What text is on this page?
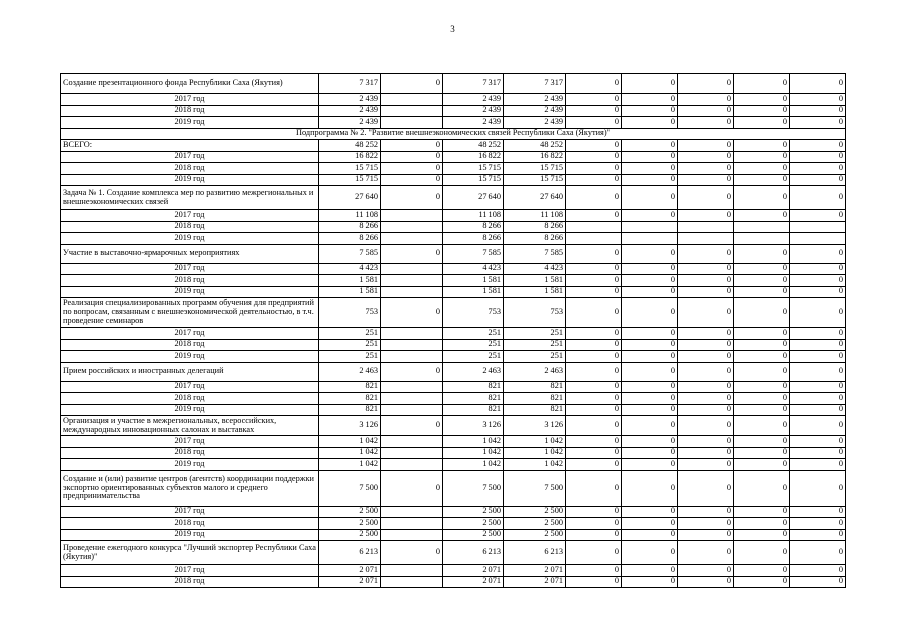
3
Создание презентационного фонда Республики Саха (Якутия)	7 317	0	7 317	7 317	0	0	0	0	0
2017 год	2 439		2 439	2 439	0	0	0	0	0
2018 год	2 439		2 439	2 439	0	0	0	0	0
2019 год	2 439		2 439	2 439	0	0	0	0	0
Подпрограмма № 2. "Развитие внешнеэкономических связей Республики Саха (Якутия)"									
ВСЕГО:	48 252	0	48 252	48 252	0	0	0	0	0
2017 год	16 822	0	16 822	16 822	0	0	0	0	0
2018 год	15 715	0	15 715	15 715	0	0	0	0	0
2019 год	15 715	0	15 715	15 715	0	0	0	0	0
Задача № 1. Создание комплекса мер по развитию межрегиональных и внешнеэкономических связей	27 640	0	27 640	27 640	0	0	0	0	0
2017 год	11 108		11 108	11 108	0	0	0	0	0
2018 год	8 266		8 266	8 266					
2019 год	8 266		8 266	8 266					
Участие в выставочно-ярмарочных мероприятиях	7 585	0	7 585	7 585	0	0	0	0	0
2017 год	4 423		4 423	4 423	0	0	0	0	0
2018 год	1 581		1 581	1 581	0	0	0	0	0
2019 год	1 581		1 581	1 581	0	0	0	0	0
Реализация специализированных программ обучения для предприятий по вопросам, связанным с внешнеэкономической деятельностью, в т.ч. проведение семинаров	753	0	753	753	0	0	0	0	0
2017 год	251		251	251	0	0	0	0	0
2018 год	251		251	251	0	0	0	0	0
2019 год	251		251	251	0	0	0	0	0
Прием российских и иностранных делегаций	2 463	0	2 463	2 463	0	0	0	0	0
2017 год	821		821	821	0	0	0	0	0
2018 год	821		821	821	0	0	0	0	0
2019 год	821		821	821	0	0	0	0	0
Организация и участие в межрегиональных, всероссийских, международных инновационных салонах и выставках	3 126	0	3 126	3 126	0	0	0	0	0
2017 год	1 042		1 042	1 042	0	0	0	0	0
2018 год	1 042		1 042	1 042	0	0	0	0	0
2019 год	1 042		1 042	1 042	0	0	0	0	0
Создание и (или) развитие центров (агентств) координации поддержки экспортно ориентированных субъектов малого и среднего предпринимательства	7 500	0	7 500	7 500	0	0	0	0	0
2017 год	2 500		2 500	2 500	0	0	0	0	0
2018 год	2 500		2 500	2 500	0	0	0	0	0
2019 год	2 500		2 500	2 500	0	0	0	0	0
Проведение ежегодного конкурса "Лучший экспортер Республики Саха (Якутия)"	6 213	0	6 213	6 213	0	0	0	0	0
2017 год	2 071		2 071	2 071	0	0	0	0	0
2018 год	2 071		2 071	2 071	0	0	0	0	0
